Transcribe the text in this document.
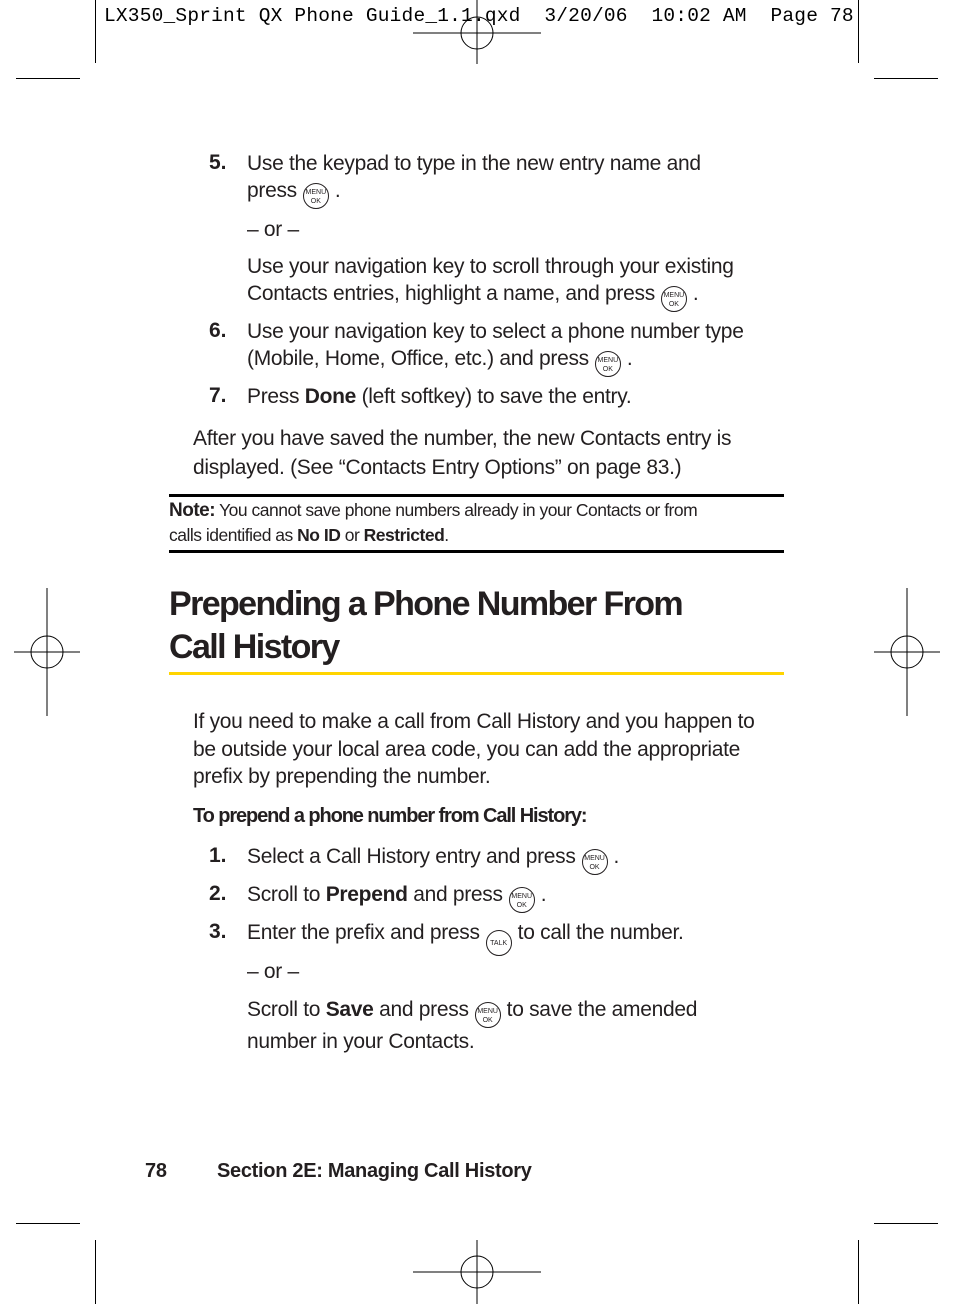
LX350_Sprint QX Phone Guide_1.1.qxd  3/20/06  10:02 AM  Page 78
5. Use the keypad to type in the new entry name and
press MENU
OK .
– or –
Use your navigation key to scroll through your existing
Contacts entries, highlight a name, and press MENU
OK .
6. Use your navigation key to select a phone number type
(Mobile, Home, Office, etc.) and press MENU
OK .
7. Press Done (left softkey) to save the entry.
After you have saved the number, the new Contacts entry is
displayed. (See “Contacts Entry Options” on page 83.)
Note: You cannot save phone numbers already in your Contacts or from
calls identified as No ID or Restricted.
Prepending a Phone Number From
Call History
If you need to make a call from Call History and you happen to
be outside your local area code, you can add the appropriate
prefix by prepending the number.
To prepend a phone number from Call History:
1. Select a Call History entry and press MENU
OK .
2. Scroll to Prepend and press MENU
OK .
3. Enter the prefix and press TALK to call the number.
– or –
Scroll to Save and press MENU
OK to save the amended
number in your Contacts.
78	Section 2E: Managing Call History
